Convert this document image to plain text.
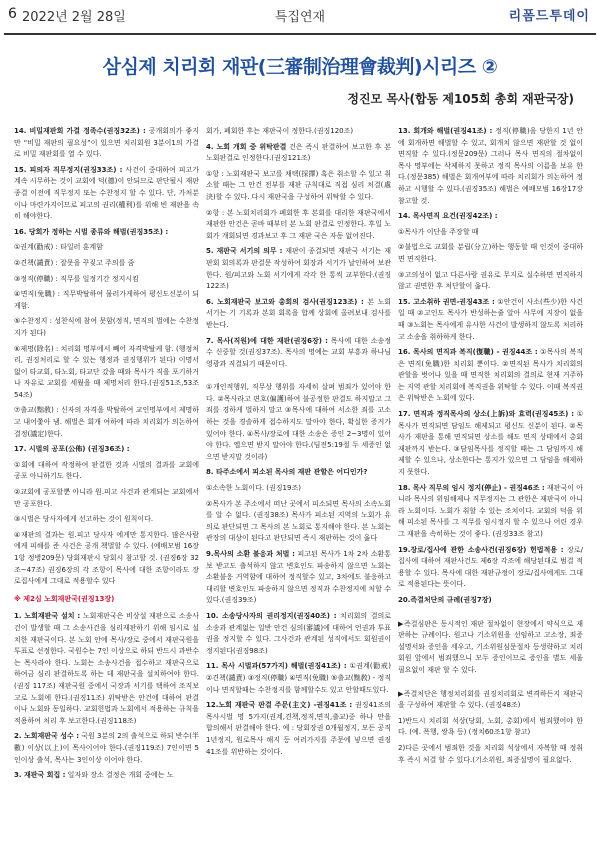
6 2022년 2월 28일	특집연재	리폼드투데이
삼심제 치리회 재판(三審制治理會裁判)시리즈 ②
정진모 목사(합동 제105회 총회 재판국장)

14. 비밀재판회 가결 정족수(권징32조) : 공개회의가 좋지만 “비밀 재판의 필요성”이 있으면 치리회원 3분이1의 가결로 비밀 재판회를 열 수 있다.

15. 피의자 직무정지(권징33조) : 사건이 중대하여 피고가 계속 시무하는 것이 교회에 덕(德)이 안되므로 판단될시 재판 종결 이전에 직무정지 또는 수찬정지 할 수 있다. 단, 가처분이나 마련가지이므로 피고의 권리(權利)를 위해 빈 재판을 속히 해야한다.

16. 당회가 정하는 시벌 종류와 해벌(권징35조) :

①권계(勸戒) : 타일러 훈계함

②견책(譴責) : 잘못을 꾸짖고 주의를 줌

③정직(停職) : 직무를 일정기간 정지시킴

④면직(免職) : 직무박탈하여 물러가게하여 평신도신분이 되게함.

⑤수찬정지 : 성찬식에 참여 못함(정직, 면직의 벌에는 수찬정지가 된다)

⑥제명(除名) : 치리회 명부에서 빼어 자격박탈케 함. (행정처리, 권징처리로 할 수 있는 행정과 권징행위가 된다) 이명서없이 타교회, 타노회, 타교단 갔을 때와 목사가 직을 포기하거나 자유로 교회를 세웠을 때 제명처리 한다.(권징51조,53조 54조)

⑦출교(黜敎) : 신자의 자격을 박탈하여 교인명부에서 제명하고 내어쫓아 냄. 해벌은 회개 여하에 따라 치리회가 의논하여 결정(議定)한다.

17. 시벌의 공포(公佈) (권징36조) :

①회에 대하여 작정하여 판결한 것과 시벌의 결과를 교회에 공포 아니하기도 한다.

②교회에 공포할뿐 아니라 원.피고 사건과 관계되는 교회에서만 공포한다.

③시벌은 당사자에게 선고하는 것이 원칙이다.

④재판의 결과는 원.피고 당사자 에게만 통지한다. 많은사람에게 피해를 준 사건은 공개 책벌할 수 있다. (예배모범 16장1항 정병209문) 당회재판시 당회시 참고할 것. (권징6장 32조~47조) 권징6장의 각 조항이 목사에 대한 조항이라도 장로집사에게 그대로 적용할수 있다

※ 제2심 노회재판국(권징13장)

1. 노회재판국 설치 : 노회재판국은 비상설 재판으로 소송사건이 발생할 때 그 소송사건을 심리재판하기 위해 임시로 설치한 재판국이다. 본 노회 안에 목사/장로 중에서 재판국원을 투표로 선정한다. 국원수는 7인 이상으로 하되 반드시 과반수는 목사라야 한다. 노회는 소송사건을 접수하고 재판국으로 하여금 심리 판결하도록 하는 데 재판국을 설치하여야 한다.(권징 117조) 재판국원 중에서 국장과 서기를 택하여 조직보고로 노회에 한다.(권징11조) 위탁받은 안건에 대하여 판결이나 노회와 동일하다. 교회헌법과 노회에서 적용하는 규칙을 적용하여 처리 후 보고한다.(권징118조)

2. 노회재판국 성수 : 국원 3분의 2의 출석으로 하되 반수(半數) 이상(以上)이 목사이어야 한다.(권징119조) 7인이면 5인이상 출석, 목사는 3인이상 이어야 한다.

3. 재판국 회집 : 일자와 장소 결정은 개회 중에는 노

회가, 폐회한 후는 재판국이 정한다.(권징120조)

4. 노회 개회 중 위탁판결 건은 즉시 판결하여 보고한 후 본 노회판결로 인정한다.(권징121조)

①항 : 노회재판국 보고를 채택(採擇) 혹은 취소할 수 있고 취소할 때는 그 안건 전부를 재판 규칙대로 직접 심리 처결(處決)할 수 있다. 다시 재판국을 구성하여 위탁할 수 있다.

②항 : 본 노회치리회가 폐회한 후 본회를 대리한 재판국에서 재판한 안건은 곧바 때부터 본 노회 판결로 인정한다. 후일 노회가 개회되면 경과보고 후 그 재판 국은 자동 없어진다.

5. 재판국 서기의 의무 : 재판이 종결되면 재판국 서기는 재판회 회의록과 판결문 작성하여 회장과 서기가 날인하여 보관한다. 원/피고와 노회 서기에게 각각 한 통씩 교부한다.(권징122조)

6. 노회재판국 보고와 총회의 검사(권징123조) : 본 노회 서기는 기 기록과 본회 회록을 합께 상회에 올려보내 검사를 받는다.

7. 목사(직원)에 대한 재판(권징6장) : 목사에 대한 소송정수 신중할 것(권징37조). 목사의 명예는 교회 부흥과 하나님 영광과 직결되기 때문이다.

①개인적행위, 직무상 행위를 자세히 살펴 범죄가 있어야 한다. ②목사라고 편호(偏護)하여 불공정한 판결도 하지말고 그 죄를 경하게 벌하지 말고 ③목사에 대하여 서소한 죄를 고소하는 것을 경솔하게 접수하지도 말아야 한다, 확실한 증거가 있어야 한다. ④목사/장로에 대한 소송은 증인 2~3명이 있어야 한다. 엘으면 받지 말아야 한다.(딤전5:19절 두 세증인 없으면 받지말 것이라)

8. 타주소에서 피소된 목사의 재판 관할은 어디인가?

①소속한 노회이다. (권징19조)

②목사가 본 주소에서 떠난 곳에서 피소되면 목사의 소속노회를 알 수 없다. (권징38조) 목사가 피소된 지역의 노회가 유의로 판단되면 그 목사의 본 노회로 통지해야 한다. 본 노회는 관장의 대상이 된다고 판단되면 즉시 재판하는 것이 옳다

9.목사의 소환 불응과 처벌 : 피고된 목사가 1차 2차 소환통보 받고도 출석하지 않고 변호인도 파송하지 않으면 노회는 소환불응 거역함에 대하여 정직할수 있고, 3차에도 불응하고 대리할 변호인도 파송하지 않으면 정직과 수찬정지에 처할 수 있다.(권징39조)

10. 소송당사자의 권리정지(권징40조) : 치리회의 결의로 소송과 관계없는 일반 안건 심의(審議)에 대하여 언권과 투표권을 정지할 수 있다. 그사건과 관계된 성직에서도 회원권이 정지된다(권징98조)

11. 목사 시벌과(57가지) 해벌(권징41조) : ①권계(勸戒) ②견책(譴責) ③정직(停職) ④면직(免職) ⑤출교(黜敎) - 정직이나 면직할때는 수찬정지를 함께할수도 있고 안할때도있다.

12.노회 재판국 판결 주문(主文) -권징41조 : 권징41조의 목사시벌 명 5가지(권계,견책,정직,면직,출교)중 하나 만을 합의해서 판결해야 한다. 예 : 당회장권 0개월정지, 모든 공직 1년정지, 원로목사 해지 등 여러가지를 주문에 넣으면 권징41조를 위반하는 것이다.

13. 회개와 해벌(권징41조) : 정직(停職)을 당한지 1년 안에 회개하면 해벌할 수 있고, 회개치 않으면 재판할 것 없이 면직할 수 있다.(정문209문) 그러나 목사 면직의 절차없이 목사 명부에는 삭제하지 못하고 정직 목사의 이름을 보유 한다.(정문385) 해벌은 회개여부에 따라 치리회가 의논하여 정하고 시행할 수 있다.(권징35조) 해벌은 예배모범 16장17장 참고할 것.

14. 목사면직 요건(권징42조) :

①목사가 이단을 주장할 때

②불법으로 교회를 분립(分立)하는 행동할 때 인것이 중대하면 면직한다.

③고의성이 없고 다른사람 권유로 무지로 실수하면 면직하지 않고 권면한 후 처단할이 옳다.

15. 고소취하 권면-권징43조 : ①안건이 사소(些少)한 사건일 때 ②고인도 목사가 반성하는줄 알아 사무에 지장이 없을 때 ③노회는 목사에게 유사한 사건이 발생하지 않도록 처리하고 소송을 취하하게 한다.

16. 목사의 면직과 복직(復職) - 권징44조 : ①목사의 복직은 면직(免職)한 치리회 뿐이다. ②면직된 목사가 치리회의 관할을 벗어나 있을 때 면직한 치리회의 결의로 현재 거주하는 지역 관할 치리회에 복직권을 위탁할 수 있다. 이때 복직권은 위탁받은 노회에 있다.

17. 면직과 정직목사의 상소(上訴)와 효력(권징45조) : ①목사가 면직되면 담임도 해제되고 평신도 신분이 된다. ②목사가 재판을 통해 면직되면 상소를 해도 면직 상태에서 총회재판까지 받는다. ③담임목사를 정직할 때는 그 담임까지 해제할 수 있으나, 상소한다는 통지가 있으면 그 담임을 해제하지 못한다.

18. 목사 직무의 임시 정지(停止) - 권징46조 : 재판국이 아니라 목사의 위임해제나 직무정지는 그 관한은 재판국이 아니라 노회이다. 노회가 취할 수 있는 조치이다. 교회의 덕을 위해 피소된 목사를 그 직무를 임시정지 할 수 있으나 어린 경우 그 재판을 속히하는 것이 좋다. (권징33조 참고)

19.장로/집사에 관한 소송사건(권징6장) 헌법적용 : 장로/집사에 대하여 재판사건도 제6장 각조에 해당된대로 범결 적용할 수 있다. 목사에 대한 재판규정이 장로/집사에게도 그대로 적용된다는 뜻이다.

20.즉결처단의 규례(권징7장)

▶즉결심판은 동시적인 재판 절차없이 현장에서 약식으로 재판하는 규례이다. 원고나 기소위원을 선임하고 고소장, 죄증 설명서와 증인을 세우고, 기소위원심문절차 등생략하고 치리회원 앞에서 범죄했으니 모두 증인이므로 증인을 별도 세울 필요없이 재판 할 수 있다.

▶즉결처단은 행정치리회를 권징치리회로 변격하든지 재판국을 구성하여 재판할 수 있다. (권징48조)

1)반드시 치리회 석상(당회, 노회, 총회)에서 범죄했어야 한다. (예. 폭행, 쌍욕 등) (정치60조1항 참고)

2)다른 곳에서 범죄한 것을 치리회 석상에서 자복할 때 정취 후 즉시 처결 할 수 있다.(기소위원, 죄증설명이 필요없다.
